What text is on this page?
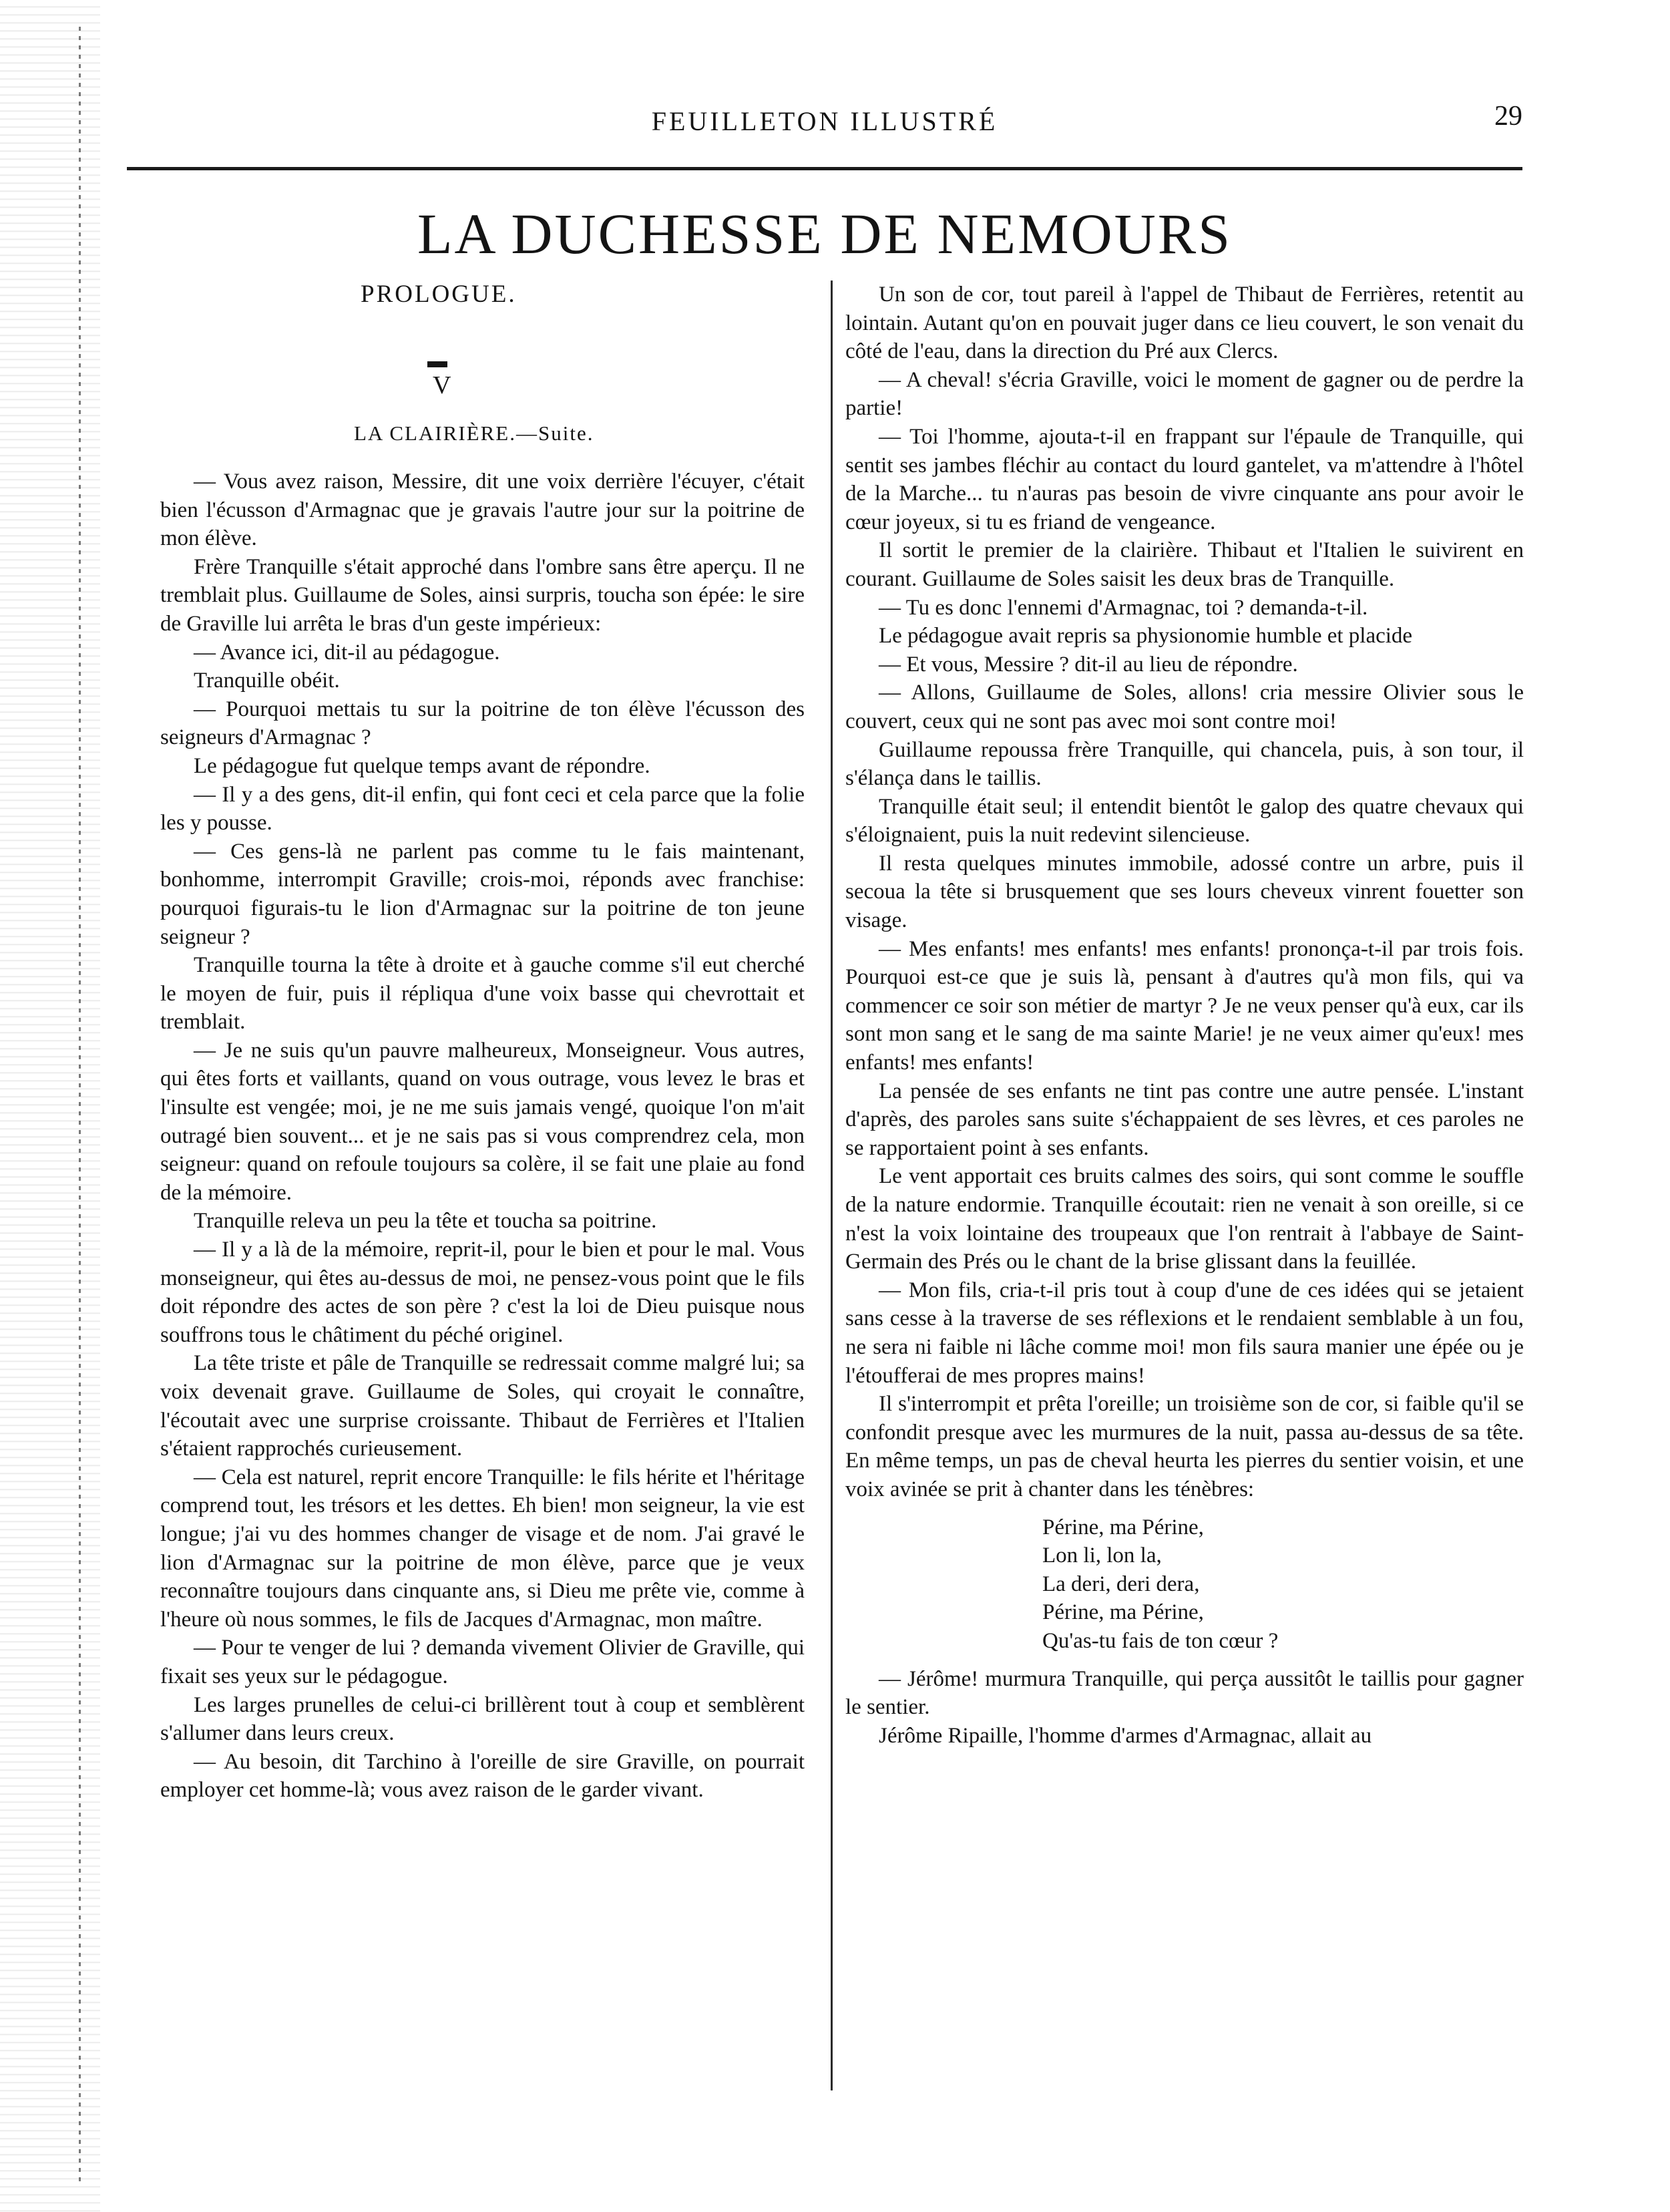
FEUILLETON ILLUSTRÉ	29
LA DUCHESSE DE NEMOURS
PROLOGUE.
▬
V
LA CLAIRIÈRE.—Suite.

— Vous avez raison, Messire, dit une voix derrière l'écuyer, c'était bien l'écusson d'Armagnac que je gravais l'autre jour sur la poitrine de mon élève.

Frère Tranquille s'était approché dans l'ombre sans être aperçu. Il ne tremblait plus. Guillaume de Soles, ainsi surpris, toucha son épée: le sire de Graville lui arrêta le bras d'un geste impérieux:

— Avance ici, dit-il au pédagogue.

Tranquille obéit.

— Pourquoi mettais tu sur la poitrine de ton élève l'écusson des seigneurs d'Armagnac ?

Le pédagogue fut quelque temps avant de répondre.

— Il y a des gens, dit-il enfin, qui font ceci et cela parce que la folie les y pousse.

— Ces gens-là ne parlent pas comme tu le fais maintenant, bonhomme, interrompit Graville; crois-moi, réponds avec franchise: pourquoi figurais-tu le lion d'Armagnac sur la poitrine de ton jeune seigneur ?

Tranquille tourna la tête à droite et à gauche comme s'il eut cherché le moyen de fuir, puis il répliqua d'une voix basse qui chevrottait et tremblait.

— Je ne suis qu'un pauvre malheureux, Monseigneur. Vous autres, qui êtes forts et vaillants, quand on vous outrage, vous levez le bras et l'insulte est vengée; moi, je ne me suis jamais vengé, quoique l'on m'ait outragé bien souvent... et je ne sais pas si vous comprendrez cela, mon seigneur: quand on refoule toujours sa colère, il se fait une plaie au fond de la mémoire.

Tranquille releva un peu la tête et toucha sa poitrine.

— Il y a là de la mémoire, reprit-il, pour le bien et pour le mal. Vous monseigneur, qui êtes au-dessus de moi, ne pensez-vous point que le fils doit répondre des actes de son père ? c'est la loi de Dieu puisque nous souffrons tous le châtiment du péché originel.

La tête triste et pâle de Tranquille se redressait comme malgré lui; sa voix devenait grave. Guillaume de Soles, qui croyait le connaître, l'écoutait avec une surprise croissante. Thibaut de Ferrières et l'Italien s'étaient rapprochés curieusement.

— Cela est naturel, reprit encore Tranquille: le fils hérite et l'héritage comprend tout, les trésors et les dettes. Eh bien! mon seigneur, la vie est longue; j'ai vu des hommes changer de visage et de nom. J'ai gravé le lion d'Armagnac sur la poitrine de mon élève, parce que je veux reconnaître toujours dans cinquante ans, si Dieu me prête vie, comme à l'heure où nous sommes, le fils de Jacques d'Armagnac, mon maître.

— Pour te venger de lui ? demanda vivement Olivier de Graville, qui fixait ses yeux sur le pédagogue.

Les larges prunelles de celui-ci brillèrent tout à coup et semblèrent s'allumer dans leurs creux.

— Au besoin, dit Tarchino à l'oreille de sire Graville, on pourrait employer cet homme-là; vous avez raison de le garder vivant.

Un son de cor, tout pareil à l'appel de Thibaut de Ferrières, retentit au lointain. Autant qu'on en pouvait juger dans ce lieu couvert, le son venait du côté de l'eau, dans la direction du Pré aux Clercs.

— A cheval! s'écria Graville, voici le moment de gagner ou de perdre la partie!

— Toi l'homme, ajouta-t-il en frappant sur l'épaule de Tranquille, qui sentit ses jambes fléchir au contact du lourd gantelet, va m'attendre à l'hôtel de la Marche... tu n'auras pas besoin de vivre cinquante ans pour avoir le cœur joyeux, si tu es friand de vengeance.

Il sortit le premier de la clairière. Thibaut et l'Italien le suivirent en courant. Guillaume de Soles saisit les deux bras de Tranquille.

— Tu es donc l'ennemi d'Armagnac, toi ? demanda-t-il.

Le pédagogue avait repris sa physionomie humble et placide

— Et vous, Messire ? dit-il au lieu de répondre.

— Allons, Guillaume de Soles, allons! cria messire Olivier sous le couvert, ceux qui ne sont pas avec moi sont contre moi!

Guillaume repoussa frère Tranquille, qui chancela, puis, à son tour, il s'élança dans le taillis.

Tranquille était seul; il entendit bientôt le galop des quatre chevaux qui s'éloignaient, puis la nuit redevint silencieuse.

Il resta quelques minutes immobile, adossé contre un arbre, puis il secoua la tête si brusquement que ses lours cheveux vinrent fouetter son visage.

— Mes enfants! mes enfants! mes enfants! prononça-t-il par trois fois. Pourquoi est-ce que je suis là, pensant à d'autres qu'à mon fils, qui va commencer ce soir son métier de martyr ? Je ne veux penser qu'à eux, car ils sont mon sang et le sang de ma sainte Marie! je ne veux aimer qu'eux! mes enfants! mes enfants!

La pensée de ses enfants ne tint pas contre une autre pensée. L'instant d'après, des paroles sans suite s'échappaient de ses lèvres, et ces paroles ne se rapportaient point à ses enfants.

Le vent apportait ces bruits calmes des soirs, qui sont comme le souffle de la nature endormie. Tranquille écoutait: rien ne venait à son oreille, si ce n'est la voix lointaine des troupeaux que l'on rentrait à l'abbaye de Saint-Germain des Prés ou le chant de la brise glissant dans la feuillée.

— Mon fils, cria-t-il pris tout à coup d'une de ces idées qui se jetaient sans cesse à la traverse de ses réflexions et le rendaient semblable à un fou, ne sera ni faible ni lâche comme moi! mon fils saura manier une épée ou je l'étoufferai de mes propres mains!

Il s'interrompit et prêta l'oreille; un troisième son de cor, si faible qu'il se confondit presque avec les murmures de la nuit, passa au-dessus de sa tête. En même temps, un pas de cheval heurta les pierres du sentier voisin, et une voix avinée se prit à chanter dans les ténèbres:

Périne, ma Périne,
Lon li, lon la,
La deri, deri dera,
Périne, ma Périne,
Qu'as-tu fais de ton cœur ?

— Jérôme! murmura Tranquille, qui perça aussitôt le taillis pour gagner le sentier.

Jérôme Ripaille, l'homme d'armes d'Armagnac, allait au
